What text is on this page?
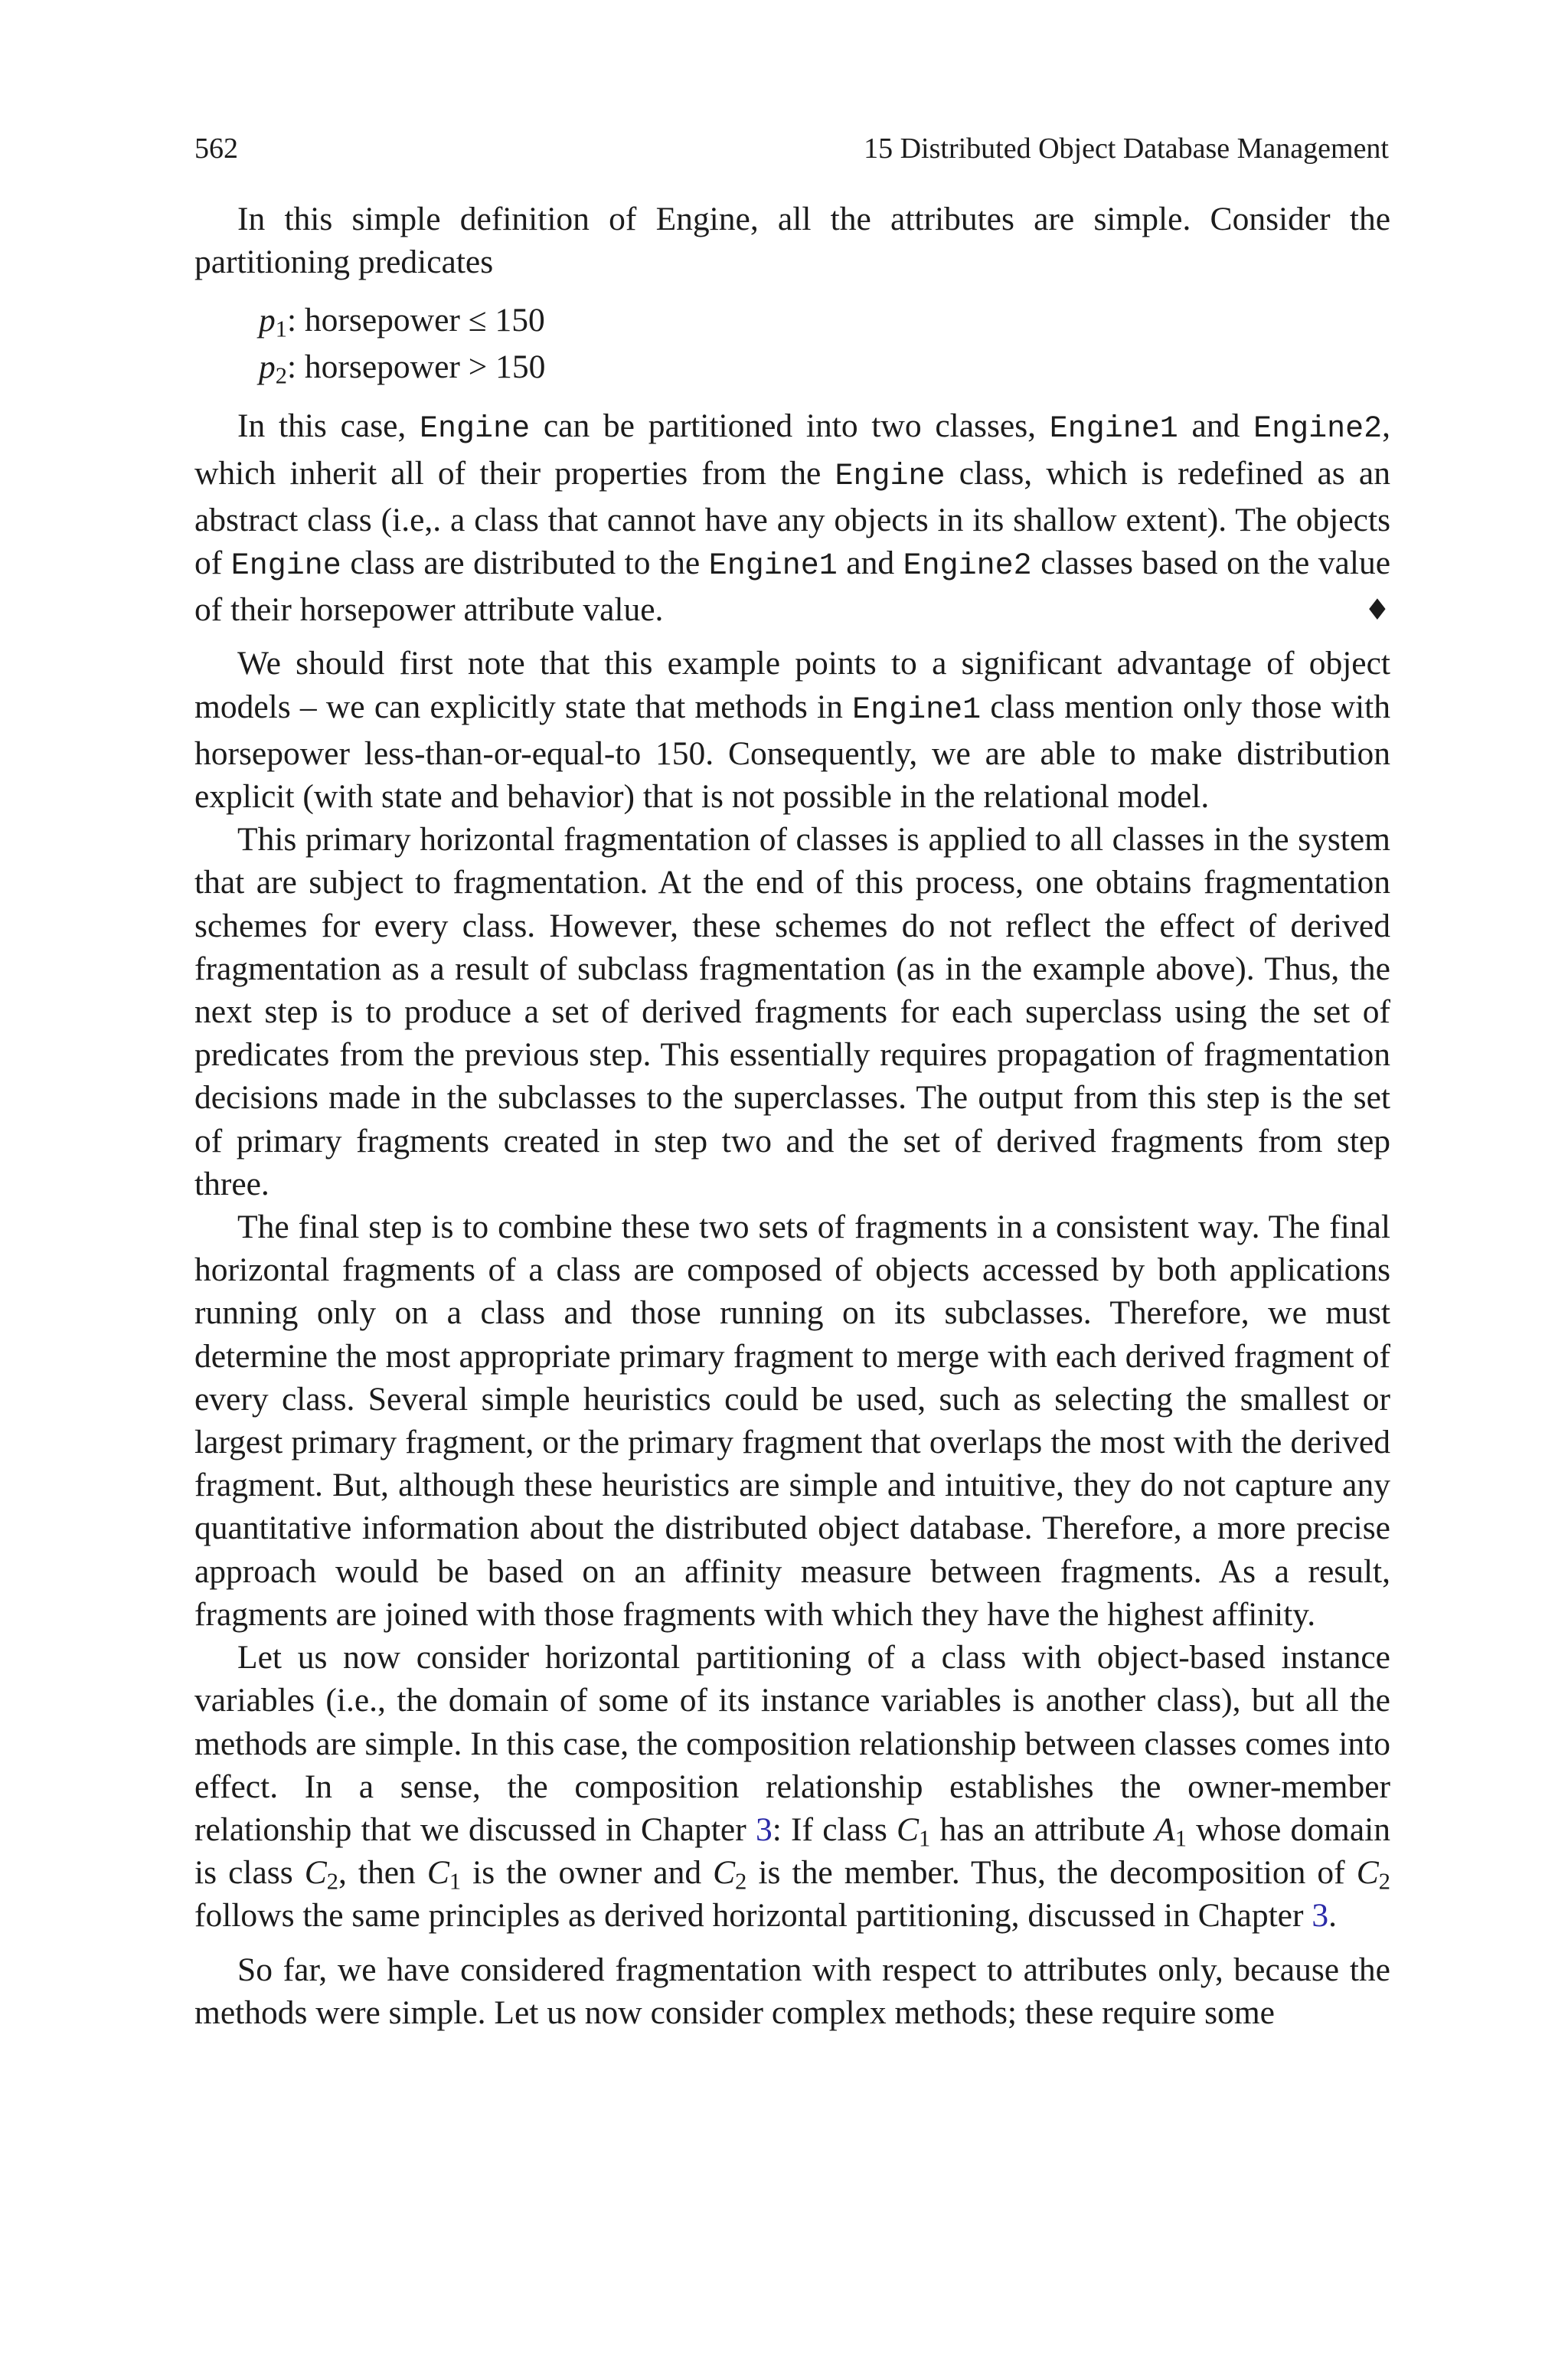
562	15 Distributed Object Database Management

In this simple definition of Engine, all the attributes are simple. Consider the partitioning predicates

$p_1$: horsepower ≤ 150
$p_2$: horsepower > 150

In this case, Engine can be partitioned into two classes, Engine1 and Engine2, which inherit all of their properties from the Engine class, which is redefined as an abstract class (i.e,. a class that cannot have any objects in its shallow extent). The objects of Engine class are distributed to the Engine1 and Engine2 classes based on the value of their horsepower attribute value.	♦

We should first note that this example points to a significant advantage of object models – we can explicitly state that methods in Engine1 class mention only those with horsepower less-than-or-equal-to 150. Consequently, we are able to make distribution explicit (with state and behavior) that is not possible in the relational model.

This primary horizontal fragmentation of classes is applied to all classes in the system that are subject to fragmentation. At the end of this process, one obtains fragmentation schemes for every class. However, these schemes do not reflect the effect of derived fragmentation as a result of subclass fragmentation (as in the example above). Thus, the next step is to produce a set of derived fragments for each superclass using the set of predicates from the previous step. This essentially requires propagation of fragmentation decisions made in the subclasses to the superclasses. The output from this step is the set of primary fragments created in step two and the set of derived fragments from step three.

The final step is to combine these two sets of fragments in a consistent way. The final horizontal fragments of a class are composed of objects accessed by both applications running only on a class and those running on its subclasses. Therefore, we must determine the most appropriate primary fragment to merge with each derived fragment of every class. Several simple heuristics could be used, such as selecting the smallest or largest primary fragment, or the primary fragment that overlaps the most with the derived fragment. But, although these heuristics are simple and intuitive, they do not capture any quantitative information about the distributed object database. Therefore, a more precise approach would be based on an affinity measure between fragments. As a result, fragments are joined with those fragments with which they have the highest affinity.

Let us now consider horizontal partitioning of a class with object-based instance variables (i.e., the domain of some of its instance variables is another class), but all the methods are simple. In this case, the composition relationship between classes comes into effect. In a sense, the composition relationship establishes the owner-member relationship that we discussed in Chapter 3: If class $C_1$ has an attribute $A_1$ whose domain is class $C_2$, then $C_1$ is the owner and $C_2$ is the member. Thus, the decomposition of $C_2$ follows the same principles as derived horizontal partitioning, discussed in Chapter 3.

So far, we have considered fragmentation with respect to attributes only, because the methods were simple. Let us now consider complex methods; these require some
